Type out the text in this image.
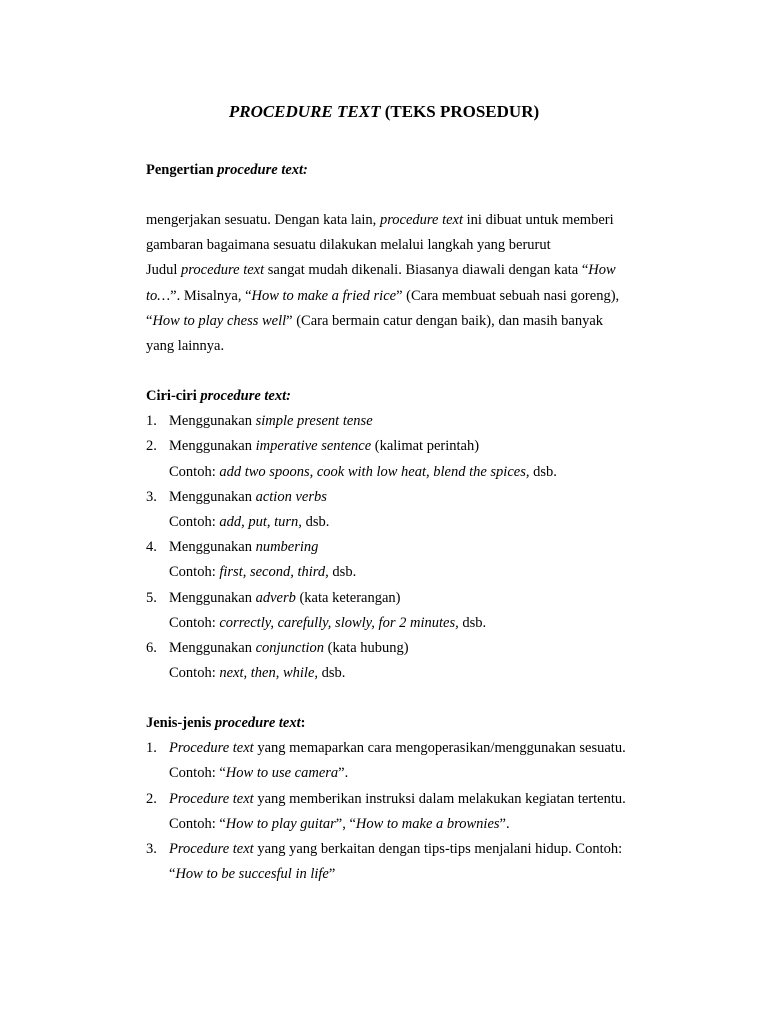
PROCEDURE TEXT (TEKS PROSEDUR)
Pengertian procedure text:
mengerjakan sesuatu. Dengan kata lain, procedure text ini dibuat untuk memberi
gambaran bagaimana sesuatu dilakukan melalui langkah yang berurut
Judul procedure text sangat mudah dikenali. Biasanya diawali dengan kata “How
to…”. Misalnya, “How to make a fried rice” (Cara membuat sebuah nasi goreng),
“How to play chess well” (Cara bermain catur dengan baik), dan masih banyak
yang lainnya.
Ciri-ciri procedure text:
1. Menggunakan simple present tense
2. Menggunakan imperative sentence (kalimat perintah)
Contoh: add two spoons, cook with low heat, blend the spices, dsb.
3. Menggunakan action verbs
Contoh: add, put, turn, dsb.
4. Menggunakan numbering
Contoh: first, second, third, dsb.
5. Menggunakan adverb (kata keterangan)
Contoh: correctly, carefully, slowly, for 2 minutes, dsb.
6. Menggunakan conjunction (kata hubung)
Contoh: next, then, while, dsb.
Jenis-jenis procedure text:
1. Procedure text yang memaparkan cara mengoperasikan/menggunakan sesuatu.
Contoh: “How to use camera”.
2. Procedure text yang memberikan instruksi dalam melakukan kegiatan tertentu.
Contoh: “How to play guitar”, “How to make a brownies”.
3. Procedure text yang yang berkaitan dengan tips-tips menjalani hidup. Contoh:
“How to be succesful in life”
